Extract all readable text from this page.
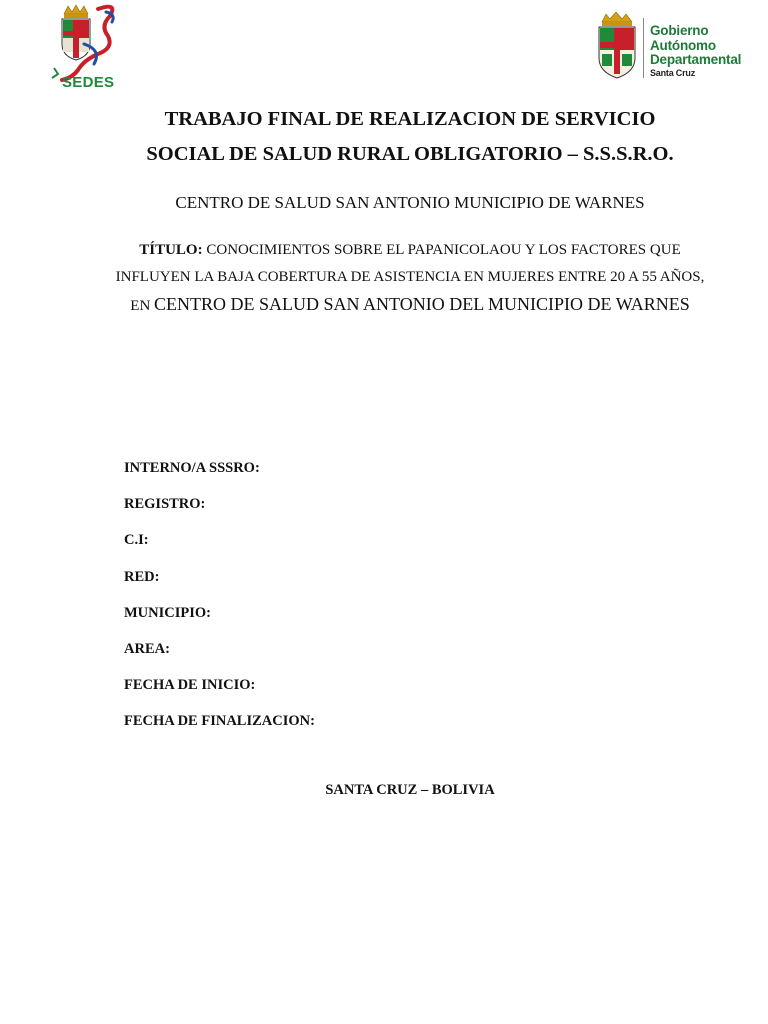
SEDES
Gobierno
Autónomo
Departamental
Santa Cruz
TRABAJO FINAL DE REALIZACION DE SERVICIO
SOCIAL DE SALUD RURAL OBLIGATORIO – S.S.S.R.O.
CENTRO DE SALUD SAN ANTONIO MUNICIPIO DE WARNES
TÍTULO: CONOCIMIENTOS SOBRE EL PAPANICOLAOU Y LOS FACTORES QUE INFLUYEN LA BAJA COBERTURA DE ASISTENCIA EN MUJERES ENTRE 20 A 55 AÑOS, EN CENTRO DE SALUD SAN ANTONIO DEL MUNICIPIO DE WARNES
INTERNO/A SSSRO:
REGISTRO:
C.I:
RED:
MUNICIPIO:
AREA:
FECHA DE INICIO:
FECHA DE FINALIZACION:
SANTA CRUZ – BOLIVIA
